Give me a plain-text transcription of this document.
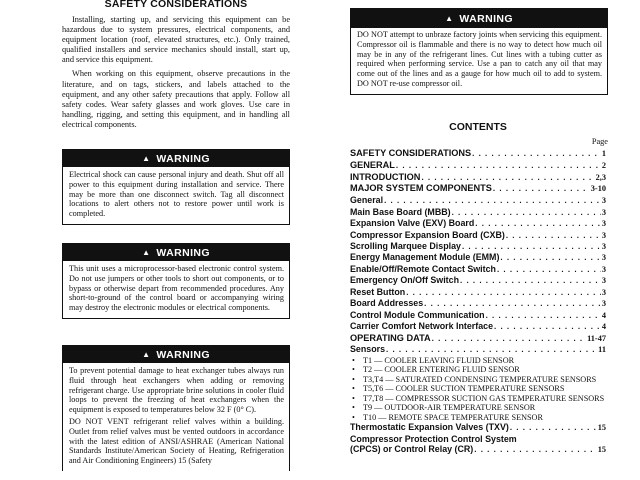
SAFETY CONSIDERATIONS

Installing, starting up, and servicing this equipment can be hazardous due to system pressures, electrical components, and equipment location (roof, elevated structures, etc.). Only trained, qualified installers and service mechanics should install, start up, and service this equipment.

When working on this equipment, observe precautions in the literature, and on tags, stickers, and labels attached to the equipment, and any other safety precautions that apply. Follow all safety codes. Wear safety glasses and work gloves. Use care in handling, rigging, and setting this equipment, and in handling all electrical components.

▲ WARNING

Electrical shock can cause personal injury and death. Shut off all power to this equipment during installation and service. There may be more than one disconnect switch. Tag all disconnect locations to alert others not to restore power until work is completed.

▲ WARNING

This unit uses a microprocessor-based electronic control system. Do not use jumpers or other tools to short out components, or to bypass or otherwise depart from recommended procedures. Any short-to-ground of the control board or accompanying wiring may destroy the electronic modules or electrical components.

▲ WARNING

To prevent potential damage to heat exchanger tubes always run fluid through heat exchangers when adding or removing refrigerant charge. Use appropriate brine solutions in cooler fluid loops to prevent the freezing of heat exchangers when the equipment is exposed to temperatures below 32 F (0° C).

DO NOT VENT refrigerant relief valves within a building. Outlet from relief valves must be vented outdoors in accordance with the latest edition of ANSI/ASHRAE (American National Standards Institute/American Society of Heating, Refrigeration and Air Conditioning Engineers) 15 (Safety

▲ WARNING

DO NOT attempt to unbraze factory joints when servicing this equipment. Compressor oil is flammable and there is no way to detect how much oil may be in any of the refrigerant lines. Cut lines with a tubing cutter as required when performing service. Use a pan to catch any oil that may come out of the lines and as a gauge for how much oil to add to system. DO NOT re-use compressor oil.

CONTENTS
Page
SAFETY CONSIDERATIONS . . .	1
GENERAL . . .	2
INTRODUCTION . . .	2,3
MAJOR SYSTEM COMPONENTS . . .	3-10
General . . .	3
Main Base Board (MBB) . . .	3
Expansion Valve (EXV) Board . . .	3
Compressor Expansion Board (CXB) . . .	3
Scrolling Marquee Display . . .	3
Energy Management Module (EMM) . . .	3
Enable/Off/Remote Contact Switch . . .	3
Emergency On/Off Switch . . .	3
Reset Button . . .	3
Board Addresses . . .	3
Control Module Communication . . .	4
Carrier Comfort Network Interface . . .	4
OPERATING DATA . . .	11-47
Sensors . . .	11
• T1 — COOLER LEAVING FLUID SENSOR
• T2 — COOLER ENTERING FLUID SENSOR
• T3,T4 — SATURATED CONDENSING TEMPERATURE SENSORS
• T5,T6 — COOLER SUCTION TEMPERATURE SENSORS
• T7,T8 — COMPRESSOR SUCTION GAS TEMPERATURE SENSORS
• T9 — OUTDOOR-AIR TEMPERATURE SENSOR
• T10 — REMOTE SPACE TEMPERATURE SENSOR
Thermostatic Expansion Valves (TXV) . . .	15
Compressor Protection Control System
(CPCS) or Control Relay (CR) . . .	15
